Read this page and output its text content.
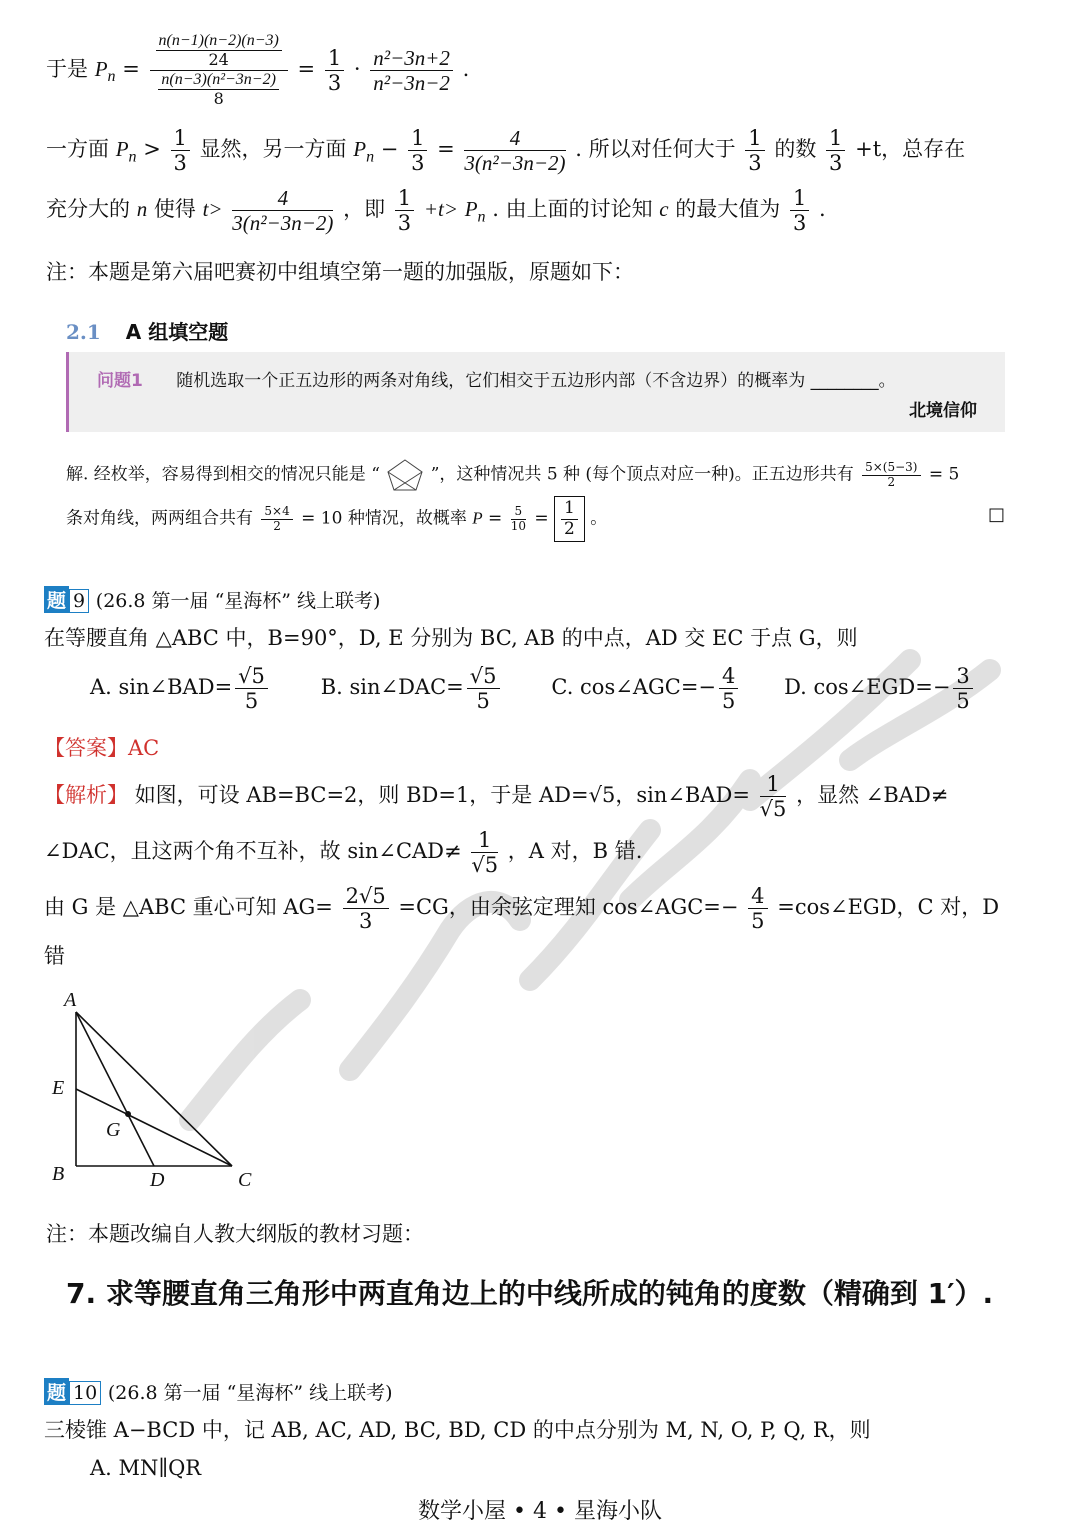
于是 $P_n = \frac{\frac{n(n-1)(n-2)(n-3)}{24}}{\frac{\text{n(n−3)(n²−3n−2)}}{8}} = \frac{1}{3} \cdot \frac{\text{n²−3n+2}}{\text{n²−3n−2}}$ .
一方面 $P_n > \frac{1}{3}$ 显然，另一方面 $P_n - \frac{1}{3} = \frac{4}{\text{3(n²−3n−2)}}$ . 所以对任何大于 $\frac{1}{3}$ 的数 $\frac{1}{3} +t$，总存在
充分大的 n 使得 $t> \frac{4}{\text{3(n²−3n−2)}}$ ，即 $\frac{1}{3} +t> P_n$ . 由上面的讨论知 c 的最大值为 $\frac{1}{3}$ .
注：本题是第六届吧赛初中组填空第一题的加强版，原题如下：
2.1 A 组填空题
问题1 随机选取一个正五边形的两条对角线，它们相交于五边形内部（不含边界）的概率为 ________。
北境信仰
解. 经枚举，容易得到相交的情况只能是 “	”，这种情况共 5 种 (每个顶点对应一种)。正五边形共有 $\frac{5\times(5-3)}{2} = 5$
条对角线，两两组合共有 $\frac{5\times 4}{2} = 10$ 种情况，故概率 $P = \frac{5}{10} = \frac{1}{2}$ 。	□
题 9 (26.8 第一届 “星海杯” 线上联考)
在等腰直角 △ABC 中，B=90°，D, E 分别为 BC, AB 的中点，AD 交 EC 于点 G，则
A. sin∠BAD= $\frac{√5}{5}$	B. sin∠DAC= $\frac{√5}{5} C$. cos∠AGC=− $\frac{4}{5} D$. cos∠EGD=− $\frac{3}{5}$
【答案】AC
【解析】 如图，可设 AB=BC=2，则 BD=1，于是 AD=√5，sin∠BAD= $\frac{1}{√5}$ ，显然 ∠BAD≠
∠DAC，且这两个角不互补，故 sin∠CAD≠ $\frac{1}{√5}$ ，A 对，B 错.
由 G 是 △ABC 重心可知 $AG= \frac{2√5}{3} =CG$，由余弦定理知 cos∠AGC=− $\frac{4}{5}$ =cos∠EGD，C 对，D
错
A
E
G
B	D	C
注：本题改编自人教大纲版的教材习题：
7. 求等腰直角三角形中两直角边上的中线所成的钝角的度数（精确到 1′）.
题 10 (26.8 第一届 “星海杯” 线上联考)
三棱锥 A−BCD 中，记 AB, AC, AD, BC, BD, CD 的中点分别为 M, N, O, P, Q, R，则
A. MN∥QR
数学小屋 • 4 • 星海小队
